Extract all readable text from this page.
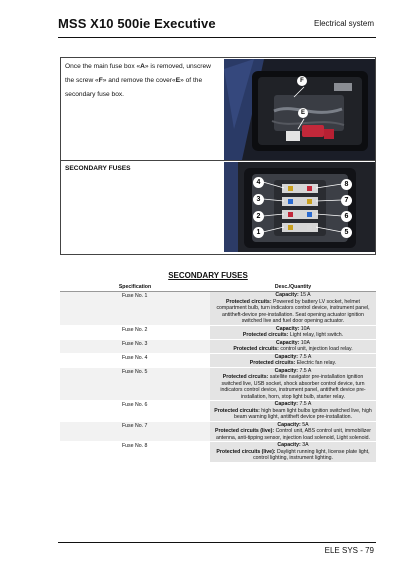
MSS X10 500ie Executive	Electrical system
Once the main fuse box «A» is removed, unscrew the screw «F» and remove the cover«E» of the secondary fuse box.
F
E
SECONDARY FUSES
4
3
2
1
8
7
6
5
SECONDARY FUSES
Specification	Desc./Quantity
Fuse No. 1	Capacity: 15 A
Protected circuits: Powered by battery LV socket, helmet compartment bulb, turn indicators control device, instrument panel, antitheft-device pre-installation. Seat opening actuator ignition switched live and fuel door opening actuator.
Fuse No. 2	Capacity: 10A
Protected circuits: Light relay, light switch.
Fuse No. 3	Capacity: 10A
Protected circuits: control unit, injection load relay.
Fuse No. 4	Capacity: 7.5 A
Protected circuits: Electric fan relay.
Fuse No. 5	Capacity: 7.5 A
Protected circuits: satellite navigator pre-installation ignition switched live, USB socket, shock absorber control device, turn indicators control device, instrument panel, antitheft device pre-installation, horn, stop light bulb, starter relay.
Fuse No. 6	Capacity: 7.5 A
Protected circuits: high beam light bulbs ignition switched live, high beam warning light, antitheft device pre-installation.
Fuse No. 7	Capacity: 5A
Protected circuits (live): Control unit, ABS control unit, immobilizer antenna, anti-tipping sensor, injection load solenoid, Light solenoid.
Fuse No. 8	Capacity: 3A
Protected circuits (live): Daylight running light, license plate light, control lighting, instrument lighting.
ELE SYS - 79
